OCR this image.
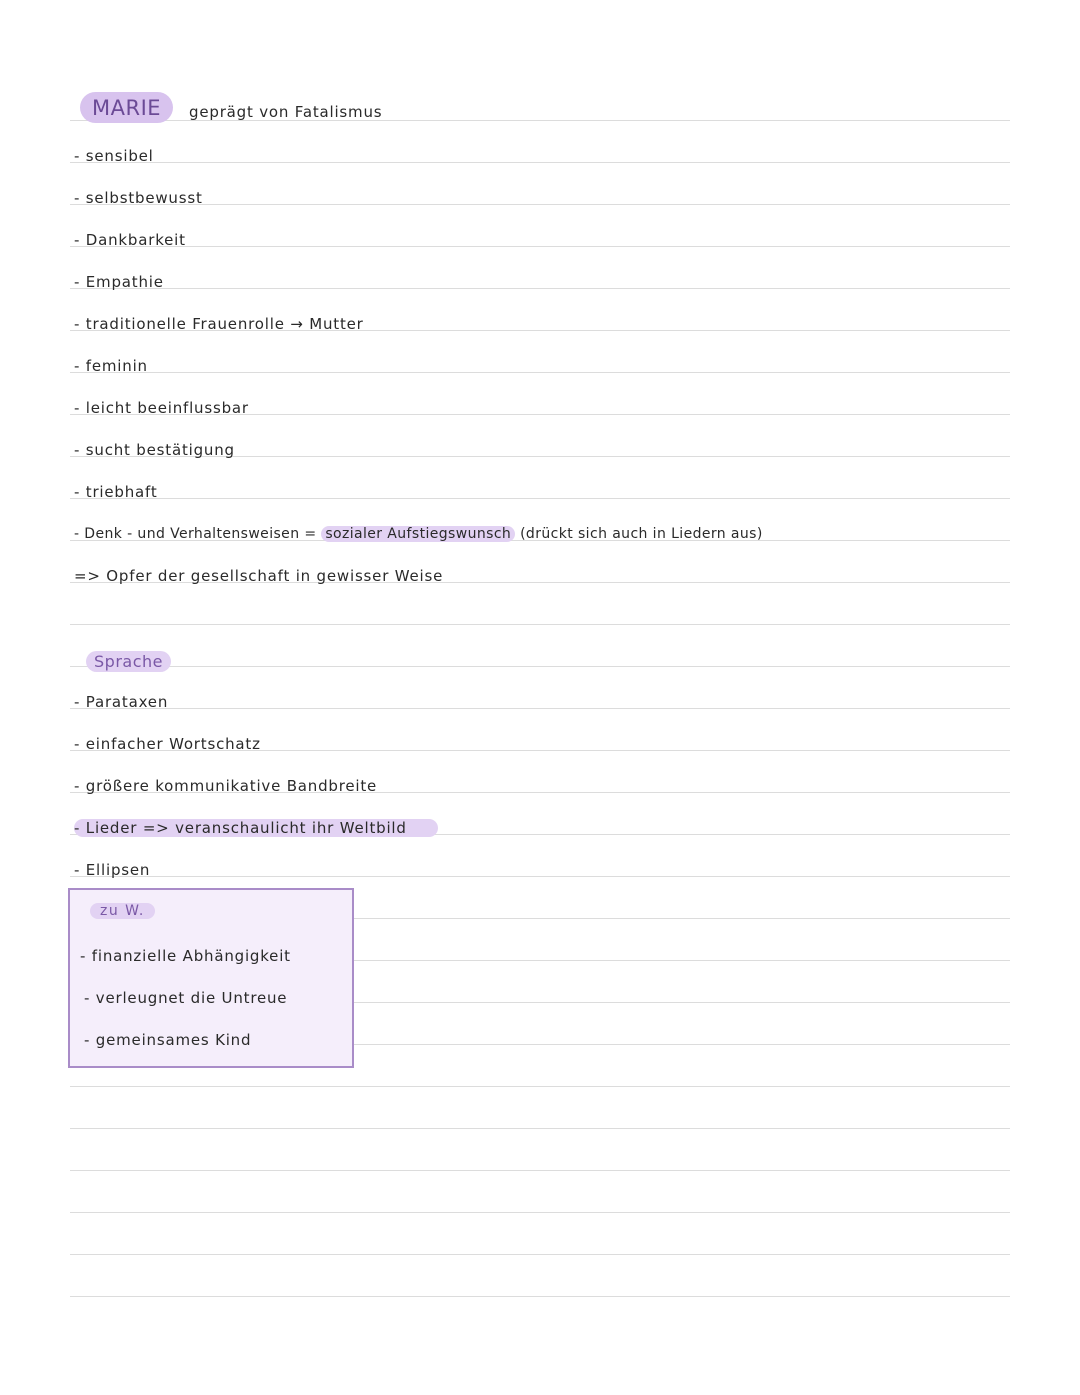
MARIE	geprägt von Fatalismus
- sensibel
- selbstbewusst
- Dankbarkeit
- Empathie
- traditionelle Frauenrolle → Mutter
- feminin
- leicht beeinflussbar
- sucht bestätigung
- triebhaft
- Denk - und Verhaltensweisen = sozialer Aufstiegswunsch (drückt sich auch in Liedern aus)
=> Opfer der gesellschaft in gewisser Weise
Sprache
- Parataxen
- einfacher Wortschatz
- größere kommunikative Bandbreite
- Lieder => veranschaulicht ihr Weltbild
- Ellipsen
zu W.
- finanzielle Abhängigkeit
- verleugnet die Untreue
- gemeinsames Kind
